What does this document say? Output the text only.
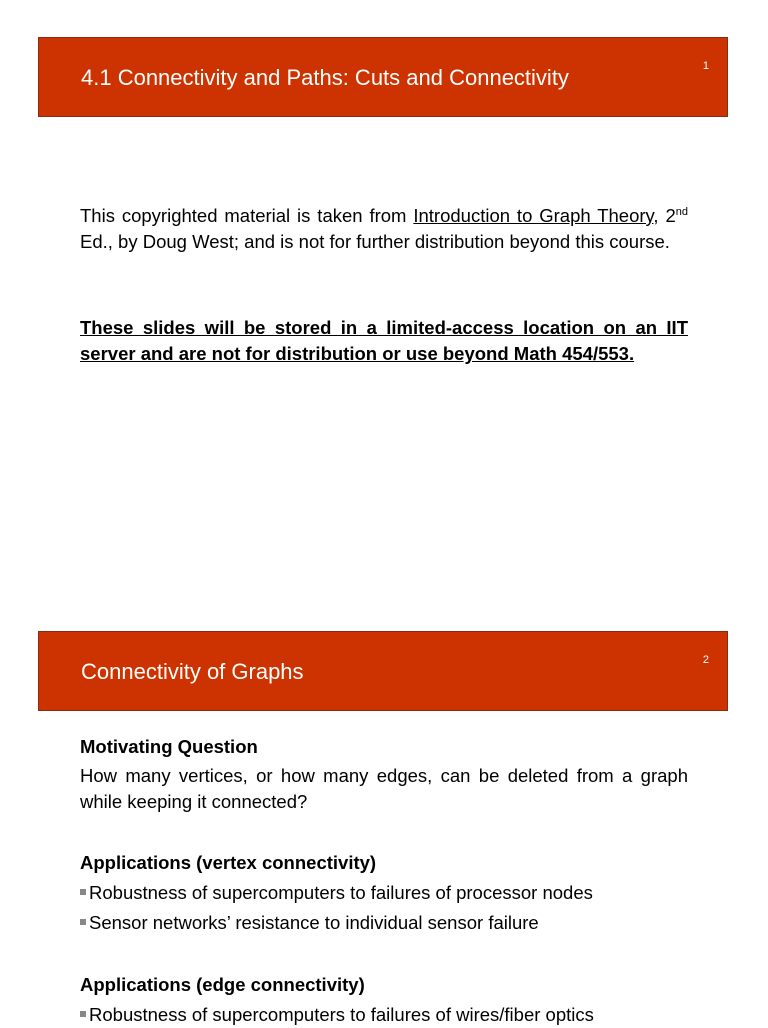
4.1 Connectivity and Paths: Cuts and Connectivity	1
This copyrighted material is taken from Introduction to Graph Theory, 2nd Ed., by Doug West; and is not for further distribution beyond this course.
These slides will be stored in a limited-access location on an IIT server and are not for distribution or use beyond Math 454/553.
Connectivity of Graphs	2
Motivating Question
How many vertices, or how many edges, can be deleted from a graph while keeping it connected?
Applications (vertex connectivity)
Robustness of supercomputers to failures of processor nodes
Sensor networks’ resistance to individual sensor failure
Applications (edge connectivity)
Robustness of supercomputers to failures of wires/fiber optics
